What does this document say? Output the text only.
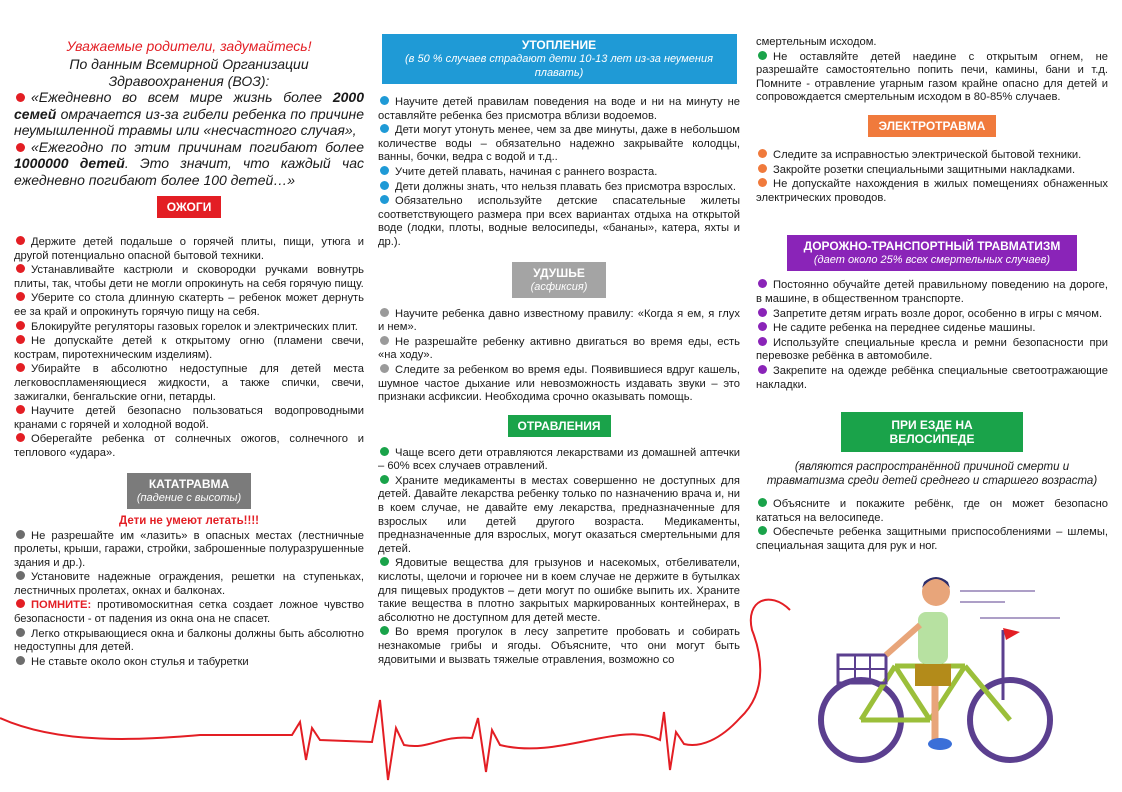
Уважаемые родители, задумайтесь!

По данным Всемирной Организации Здравоохранения (ВОЗ):

«Ежедневно во всем мире жизнь более 2000 семей омрачается из-за гибели ребенка по причине неумышленной травмы или «несчастного случая»,

«Ежегодно по этим причинам погибают более 1000000 детей. Это значит, что каждый час ежедневно погибают более 100 детей…»

ОЖОГИ

Держите детей подальше о горячей плиты, пищи, утюга и другой потенциально опасной бытовой техники.

Устанавливайте кастрюли и сковородки ручками вовнутрь плиты, так, чтобы дети не могли опрокинуть на себя горячую пищу.

Уберите со стола длинную скатерть – ребенок может дернуть ее за край и опрокинуть горячую пищу на себя.

Блокируйте регуляторы газовых горелок и электрических плит.

Не допускайте детей к открытому огню (пламени свечи, кострам, пиротехническим изделиям).

Убирайте в абсолютно недоступные для детей места легковоспламеняющиеся жидкости, а также спички, свечи, зажигалки, бенгальские огни, петарды.

Научите детей безопасно пользоваться водопроводными кранами с горячей и холодной водой.

Оберегайте ребенка от солнечных ожогов, солнечного и теплового «удара».

КАТАТРАВМА
(падение с высоты)
Дети не умеют летать!!!!

Не разрешайте им «лазить» в опасных местах (лестничные пролеты, крыши, гаражи, стройки, заброшенные полуразрушенные здания и др.).

Установите надежные ограждения, решетки на ступеньках, лестничных пролетах, окнах и балконах.

ПОМНИТЕ: противомоскитная сетка создает ложное чувство безопасности - от падения из окна она не спасет.

Легко открывающиеся окна и балконы должны быть абсолютно недоступны для детей.

Не ставьте около окон стулья и табуретки

УТОПЛЕНИЕ
(в 50 % случаев страдают дети 10-13 лет из-за неумения плавать)

Научите детей правилам поведения на воде и ни на минуту не оставляйте ребенка без присмотра вблизи водоемов.

Дети могут утонуть менее, чем за две минуты, даже в небольшом количестве воды – обязательно надежно закрывайте колодцы, ванны, бочки, ведра с водой и т.д..

Учите детей плавать, начиная с раннего возраста.

Дети должны знать, что нельзя плавать без присмотра взрослых.

Обязательно используйте детские спасательные жилеты соответствующего размера при всех вариантах отдыха на открытой воде (лодки, плоты, водные велосипеды, «бананы», катера, яхты и др.).

УДУШЬЕ
(асфиксия)

Научите ребенка давно известному правилу: «Когда я ем, я глух и нем».

Не разрешайте ребенку активно двигаться во время еды, есть «на ходу».

Следите за ребенком во время еды. Появившиеся вдруг кашель, шумное частое дыхание или невозможность издавать звуки – это признаки асфиксии. Необходима срочно оказывать помощь.

ОТРАВЛЕНИЯ

Чаще всего дети отравляются лекарствами из домашней аптечки – 60% всех случаев отравлений.

Храните медикаменты в местах совершенно не доступных для детей. Давайте лекарства ребенку только по назначению врача и, ни в коем случае, не давайте ему лекарства, предназначенные для взрослых или детей другого возраста. Медикаменты, предназначенные для взрослых, могут оказаться смертельными для детей.

Ядовитые вещества для грызунов и насекомых, отбеливатели, кислоты, щелочи и горючее ни в коем случае не держите в бутылках для пищевых продуктов – дети могут по ошибке выпить их. Храните такие вещества в плотно закрытых маркированных контейнерах, в абсолютно не доступном для детей месте.

Во время прогулок в лесу запретите пробовать и собирать незнакомые грибы и ягоды. Объясните, что они могут быть ядовитыми и вызвать тяжелые отравления, возможно со

смертельным исходом.

Не оставляйте детей наедине с открытым огнем, не разрешайте самостоятельно попить печи, камины, бани и т.д. Помните - отравление угарным газом крайне опасно для детей и сопровождается смертельным исходом в 80-85% случаев.

ЭЛЕКТРОТРАВМА

Следите за исправностью электрической бытовой техники.

Закройте розетки специальными защитными накладками.

Не допускайте нахождения в жилых помещениях обнаженных электрических проводов.

ДОРОЖНО-ТРАНСПОРТНЫЙ ТРАВМАТИЗМ
(дает около 25% всех смертельных случаев)

Постоянно обучайте детей правильному поведению на дороге, в машине, в общественном транспорте.

Запретите детям играть возле дорог, особенно в игры с мячом.

Не садите ребенка на переднее сиденье машины.

Используйте специальные кресла и ремни безопасности при перевозке ребёнка в автомобиле.

Закрепите на одежде ребёнка специальные светоотражающие накладки.

ПРИ ЕЗДЕ НА ВЕЛОСИПЕДЕ
(являются распространённой причиной смерти и травматизма среди детей среднего и старшего возраста)

Объясните и покажите ребёнк, где он может безопасно кататься на велосипеде.

Обеспечьте ребенка защитными приспособлениями – шлемы, специальная защита для рук и ног.
